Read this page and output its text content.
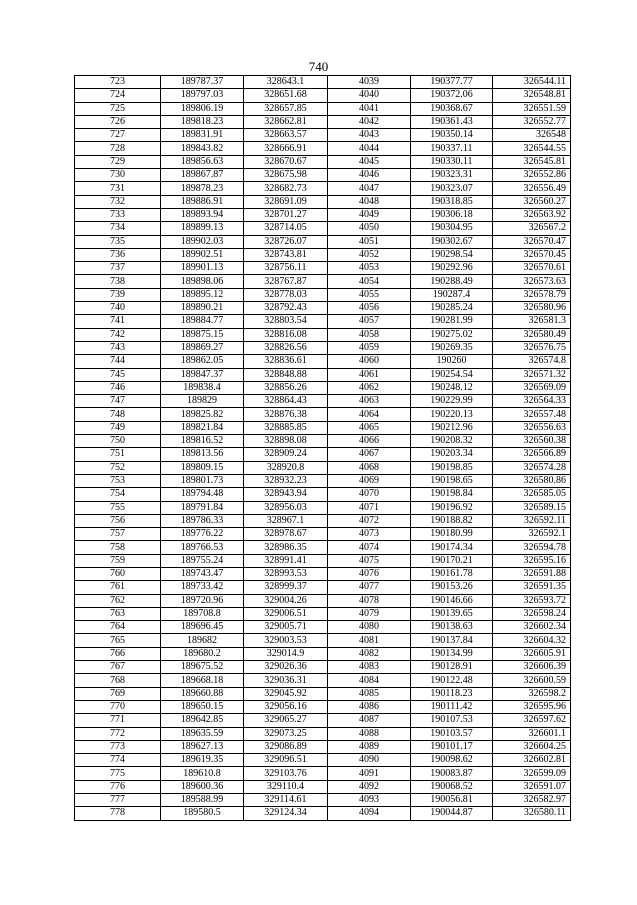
740
723	189787.37	328643.1	4039	190377.77	326544.11
724	189797.03	328651.68	4040	190372.06	326548.81
725	189806.19	328657.85	4041	190368.67	326551.59
726	189818.23	328662.81	4042	190361.43	326552.77
727	189831.91	328663.57	4043	190350.14	326548
728	189843.82	328666.91	4044	190337.11	326544.55
729	189856.63	328670.67	4045	190330.11	326545.81
730	189867.87	328675.98	4046	190323.31	326552.86
731	189878.23	328682.73	4047	190323.07	326556.49
732	189886.91	328691.09	4048	190318.85	326560.27
733	189893.94	328701.27	4049	190306.18	326563.92
734	189899.13	328714.05	4050	190304.95	326567.2
735	189902.03	328726.07	4051	190302.67	326570.47
736	189902.51	328743.81	4052	190298.54	326570.45
737	189901.13	328756.11	4053	190292.96	326570.61
738	189898.06	328767.87	4054	190288.49	326573.63
739	189895.12	328778.03	4055	190287.4	326578.79
740	189890.21	328792.43	4056	190285.24	326580.96
741	189884.77	328803.54	4057	190281.99	326581.3
742	189875.15	328816.08	4058	190275.02	326580.49
743	189869.27	328826.56	4059	190269.35	326576.75
744	189862.05	328836.61	4060	190260	326574.8
745	189847.37	328848.88	4061	190254.54	326571.32
746	189838.4	328856.26	4062	190248.12	326569.09
747	189829	328864.43	4063	190229.99	326564.33
748	189825.82	328876.38	4064	190220.13	326557.48
749	189821.84	328885.85	4065	190212.96	326556.63
750	189816.52	328898.08	4066	190208.32	326560.38
751	189813.56	328909.24	4067	190203.34	326566.89
752	189809.15	328920.8	4068	190198.85	326574.28
753	189801.73	328932.23	4069	190198.65	326580.86
754	189794.48	328943.94	4070	190198.84	326585.05
755	189791.84	328956.03	4071	190196.92	326589.15
756	189786.33	328967.1	4072	190188.82	326592.11
757	189776.22	328978.67	4073	190180.99	326592.1
758	189766.53	328986.35	4074	190174.34	326594.78
759	189755.24	328991.41	4075	190170.21	326595.16
760	189743.47	328993.53	4076	190161.78	326591.88
761	189733.42	328999.37	4077	190153.26	326591.35
762	189720.96	329004.26	4078	190146.66	326593.72
763	189708.8	329006.51	4079	190139.65	326598.24
764	189696.45	329005.71	4080	190138.63	326602.34
765	189682	329003.53	4081	190137.84	326604.32
766	189680.2	329014.9	4082	190134.99	326605.91
767	189675.52	329026.36	4083	190128.91	326606.39
768	189668.18	329036.31	4084	190122.48	326600.59
769	189660.88	329045.92	4085	190118.23	326598.2
770	189650.15	329056.16	4086	190111.42	326595.96
771	189642.85	329065.27	4087	190107.53	326597.62
772	189635.59	329073.25	4088	190103.57	326601.1
773	189627.13	329086.89	4089	190101.17	326604.25
774	189619.35	329096.51	4090	190098.62	326602.81
775	189610.8	329103.76	4091	190083.87	326599.09
776	189600.36	329110.4	4092	190068.52	326591.07
777	189588.99	329114.61	4093	190056.81	326582.97
778	189580.5	329124.34	4094	190044.87	326580.11
